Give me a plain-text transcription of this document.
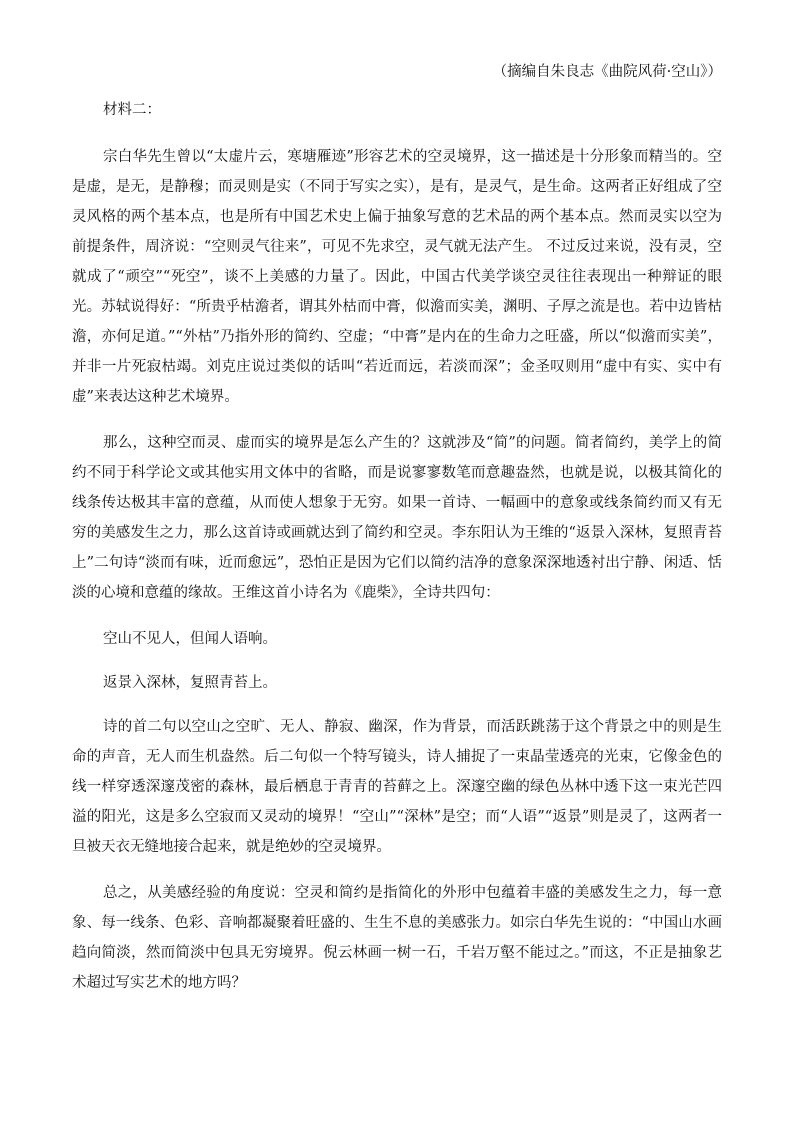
（摘编自朱良志《曲院风荷·空山》）
材料二：

宗白华先生曾以“太虚片云，寒塘雁迹”形容艺术的空灵境界，这一描述是十分形象而精当的。空是虚，是无，是静穆；而灵则是实（不同于写实之实），是有，是灵气，是生命。这两者正好组成了空灵风格的两个基本点，也是所有中国艺术史上偏于抽象写意的艺术品的两个基本点。然而灵实以空为前提条件，周济说：“空则灵气往来”，可见不先求空，灵气就无法产生。 不过反过来说，没有灵，空就成了“顽空”“死空”，谈不上美感的力量了。因此，中国古代美学谈空灵往往表现出一种辩证的眼光。苏轼说得好：“所贵乎枯澹者，谓其外枯而中膏，似澹而实美，渊明、子厚之流是也。若中边皆枯澹，亦何足道。”“外枯”乃指外形的简约、空虚；“中膏”是内在的生命力之旺盛，所以“似澹而实美”，并非一片死寂枯竭。刘克庄说过类似的话叫“若近而远，若淡而深”；金圣叹则用“虚中有实、实中有虚”来表达这种艺术境界。

那么，这种空而灵、虚而实的境界是怎么产生的？这就涉及“简”的问题。简者简约，美学上的简约不同于科学论文或其他实用文体中的省略，而是说寥寥数笔而意趣盎然，也就是说，以极其简化的线条传达极其丰富的意蕴，从而使人想象于无穷。如果一首诗、一幅画中的意象或线条简约而又有无穷的美感发生之力，那么这首诗或画就达到了简约和空灵。李东阳认为王维的“返景入深林，复照青苔上”二句诗“淡而有味，近而愈远”，恐怕正是因为它们以简约洁净的意象深深地透衬出宁静、闲适、恬淡的心境和意蕴的缘故。王维这首小诗名为《鹿柴》，全诗共四句：

空山不见人，但闻人语响。

返景入深林，复照青苔上。

诗的首二句以空山之空旷、无人、静寂、幽深，作为背景，而活跃跳荡于这个背景之中的则是生命的声音，无人而生机盎然。后二句似一个特写镜头，诗人捕捉了一束晶莹透亮的光束，它像金色的线一样穿透深邃茂密的森林，最后栖息于青青的苔藓之上。深邃空幽的绿色丛林中透下这一束光芒四溢的阳光，这是多么空寂而又灵动的境界！“空山”“深林”是空；而“人语”“返景”则是灵了，这两者一旦被天衣无缝地接合起来，就是绝妙的空灵境界。

总之，从美感经验的角度说：空灵和简约是指简化的外形中包蕴着丰盛的美感发生之力，每一意象、每一线条、色彩、音响都凝聚着旺盛的、生生不息的美感张力。如宗白华先生说的：“中国山水画趋向简淡，然而简淡中包具无穷境界。倪云林画一树一石，千岩万壑不能过之。”而这，不正是抽象艺术超过写实艺术的地方吗？
